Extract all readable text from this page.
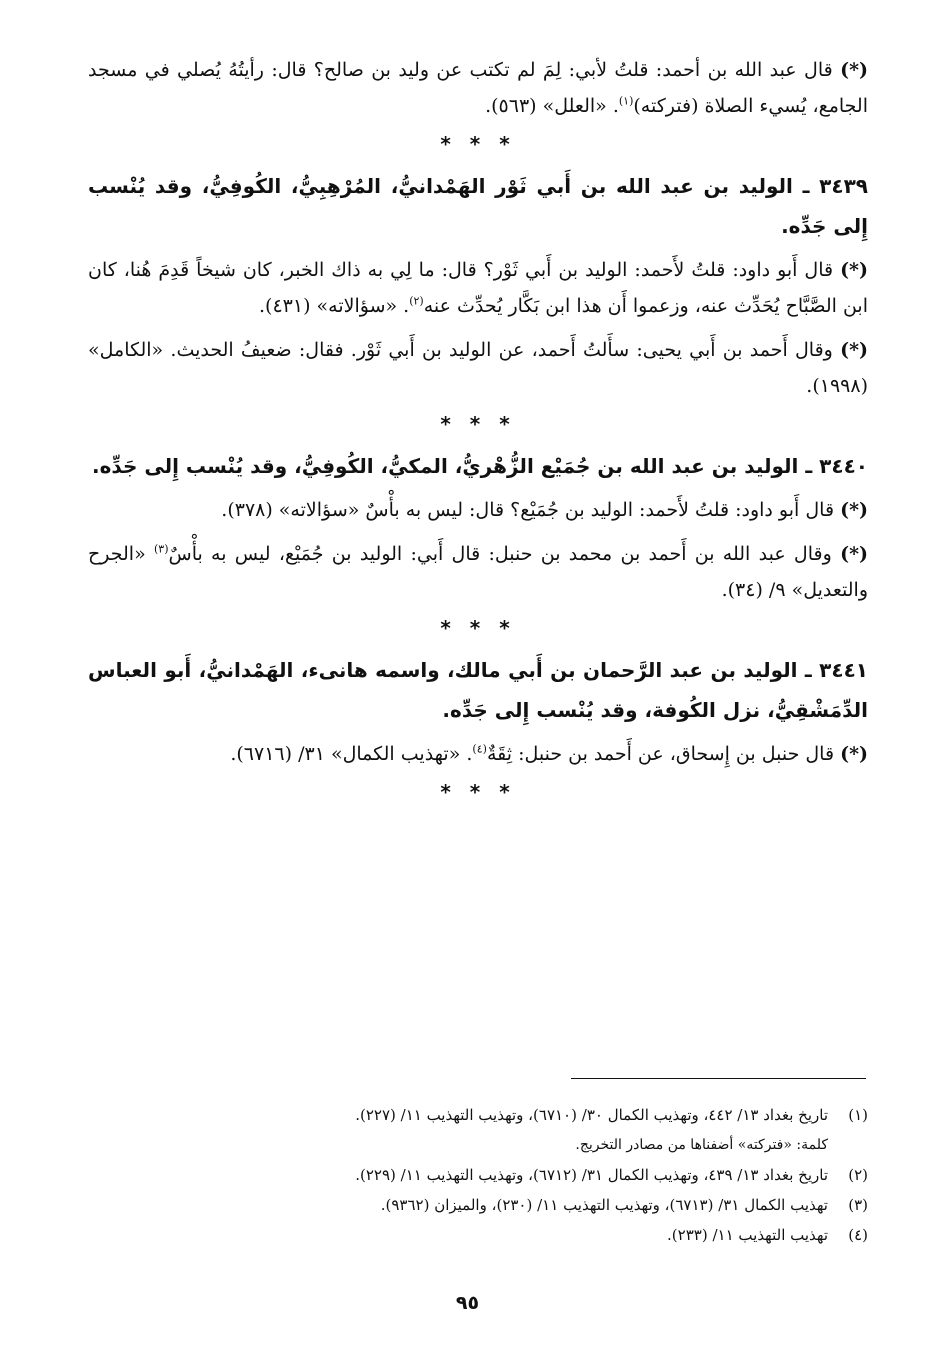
(*) قال عبد الله بن أحمد: قلتُ لأبي: لِمَ لم تكتب عن وليد بن صالح؟ قال: رأيتُهُ يُصلي في مسجد الجامع، يُسيء الصلاة (فتركته)$^{(١)}$. «العلل» (٥٦٣).

* * *
٣٤٣٩ ـ الوليد بن عبد الله بن أَبي ثَوْر الهَمْدانيُّ، المُرْهِبِيُّ، الكُوفِيُّ، وقد يُنْسب إِلى جَدِّه.

(*) قال أَبو داود: قلتُ لأَحمد: الوليد بن أَبي ثَوْر؟ قال: ما لِي به ذاك الخبر، كان شيخاً قَدِمَ هُنا، كان ابن الصَّبَّاح يُحَدِّث عنه، وزعموا أَن هذا ابن بَكَّار يُحدِّث عنه$^{(٢)}$. «سؤالاته» (٤٣١).

(*) وقال أَحمد بن أَبي يحيى: سأَلتُ أَحمد، عن الوليد بن أَبي ثَوْر. فقال: ضعيفُ الحديث. «الكامل» (١٩٩٨).

* * *
٣٤٤٠ ـ الوليد بن عبد الله بن جُمَيْع الزُّهْريُّ، المكيُّ، الكُوفِيُّ، وقد يُنْسب إِلى جَدِّه.

(*) قال أَبو داود: قلتُ لأَحمد: الوليد بن جُمَيْع؟ قال: ليس به بأْسٌ «سؤالاته» (٣٧٨).

(*) وقال عبد الله بن أَحمد بن محمد بن حنبل: قال أَبي: الوليد بن جُمَيْع، ليس به بأْسٌ$^{(٣)}$ «الجرح والتعديل» ٩/ (٣٤).

* * *
٣٤٤١ ـ الوليد بن عبد الرَّحمان بن أَبي مالك، واسمه هانىء، الهَمْدانيُّ، أَبو العباس الدِّمَشْقِيُّ، نزل الكُوفة، وقد يُنْسب إِلى جَدِّه.

(*) قال حنبل بن إِسحاق، عن أَحمد بن حنبل: ثِقَةٌ$^{(٤)}$. «تهذيب الكمال» ٣١/ (٦٧١٦).

* * *
(١)تاريخ بغداد ١٣/ ٤٤٢، وتهذيب الكمال ٣٠/ (٦٧١٠)، وتهذيب التهذيب ١١/ (٢٢٧).
كلمة: «فتركته» أضفناها من مصادر التخريج.
(٢)تاريخ بغداد ١٣/ ٤٣٩، وتهذيب الكمال ٣١/ (٦٧١٢)، وتهذيب التهذيب ١١/ (٢٢٩).
(٣)تهذيب الكمال ٣١/ (٦٧١٣)، وتهذيب التهذيب ١١/ (٢٣٠)، والميزان (٩٣٦٢).
(٤)تهذيب التهذيب ١١/ (٢٣٣).
٩٥
